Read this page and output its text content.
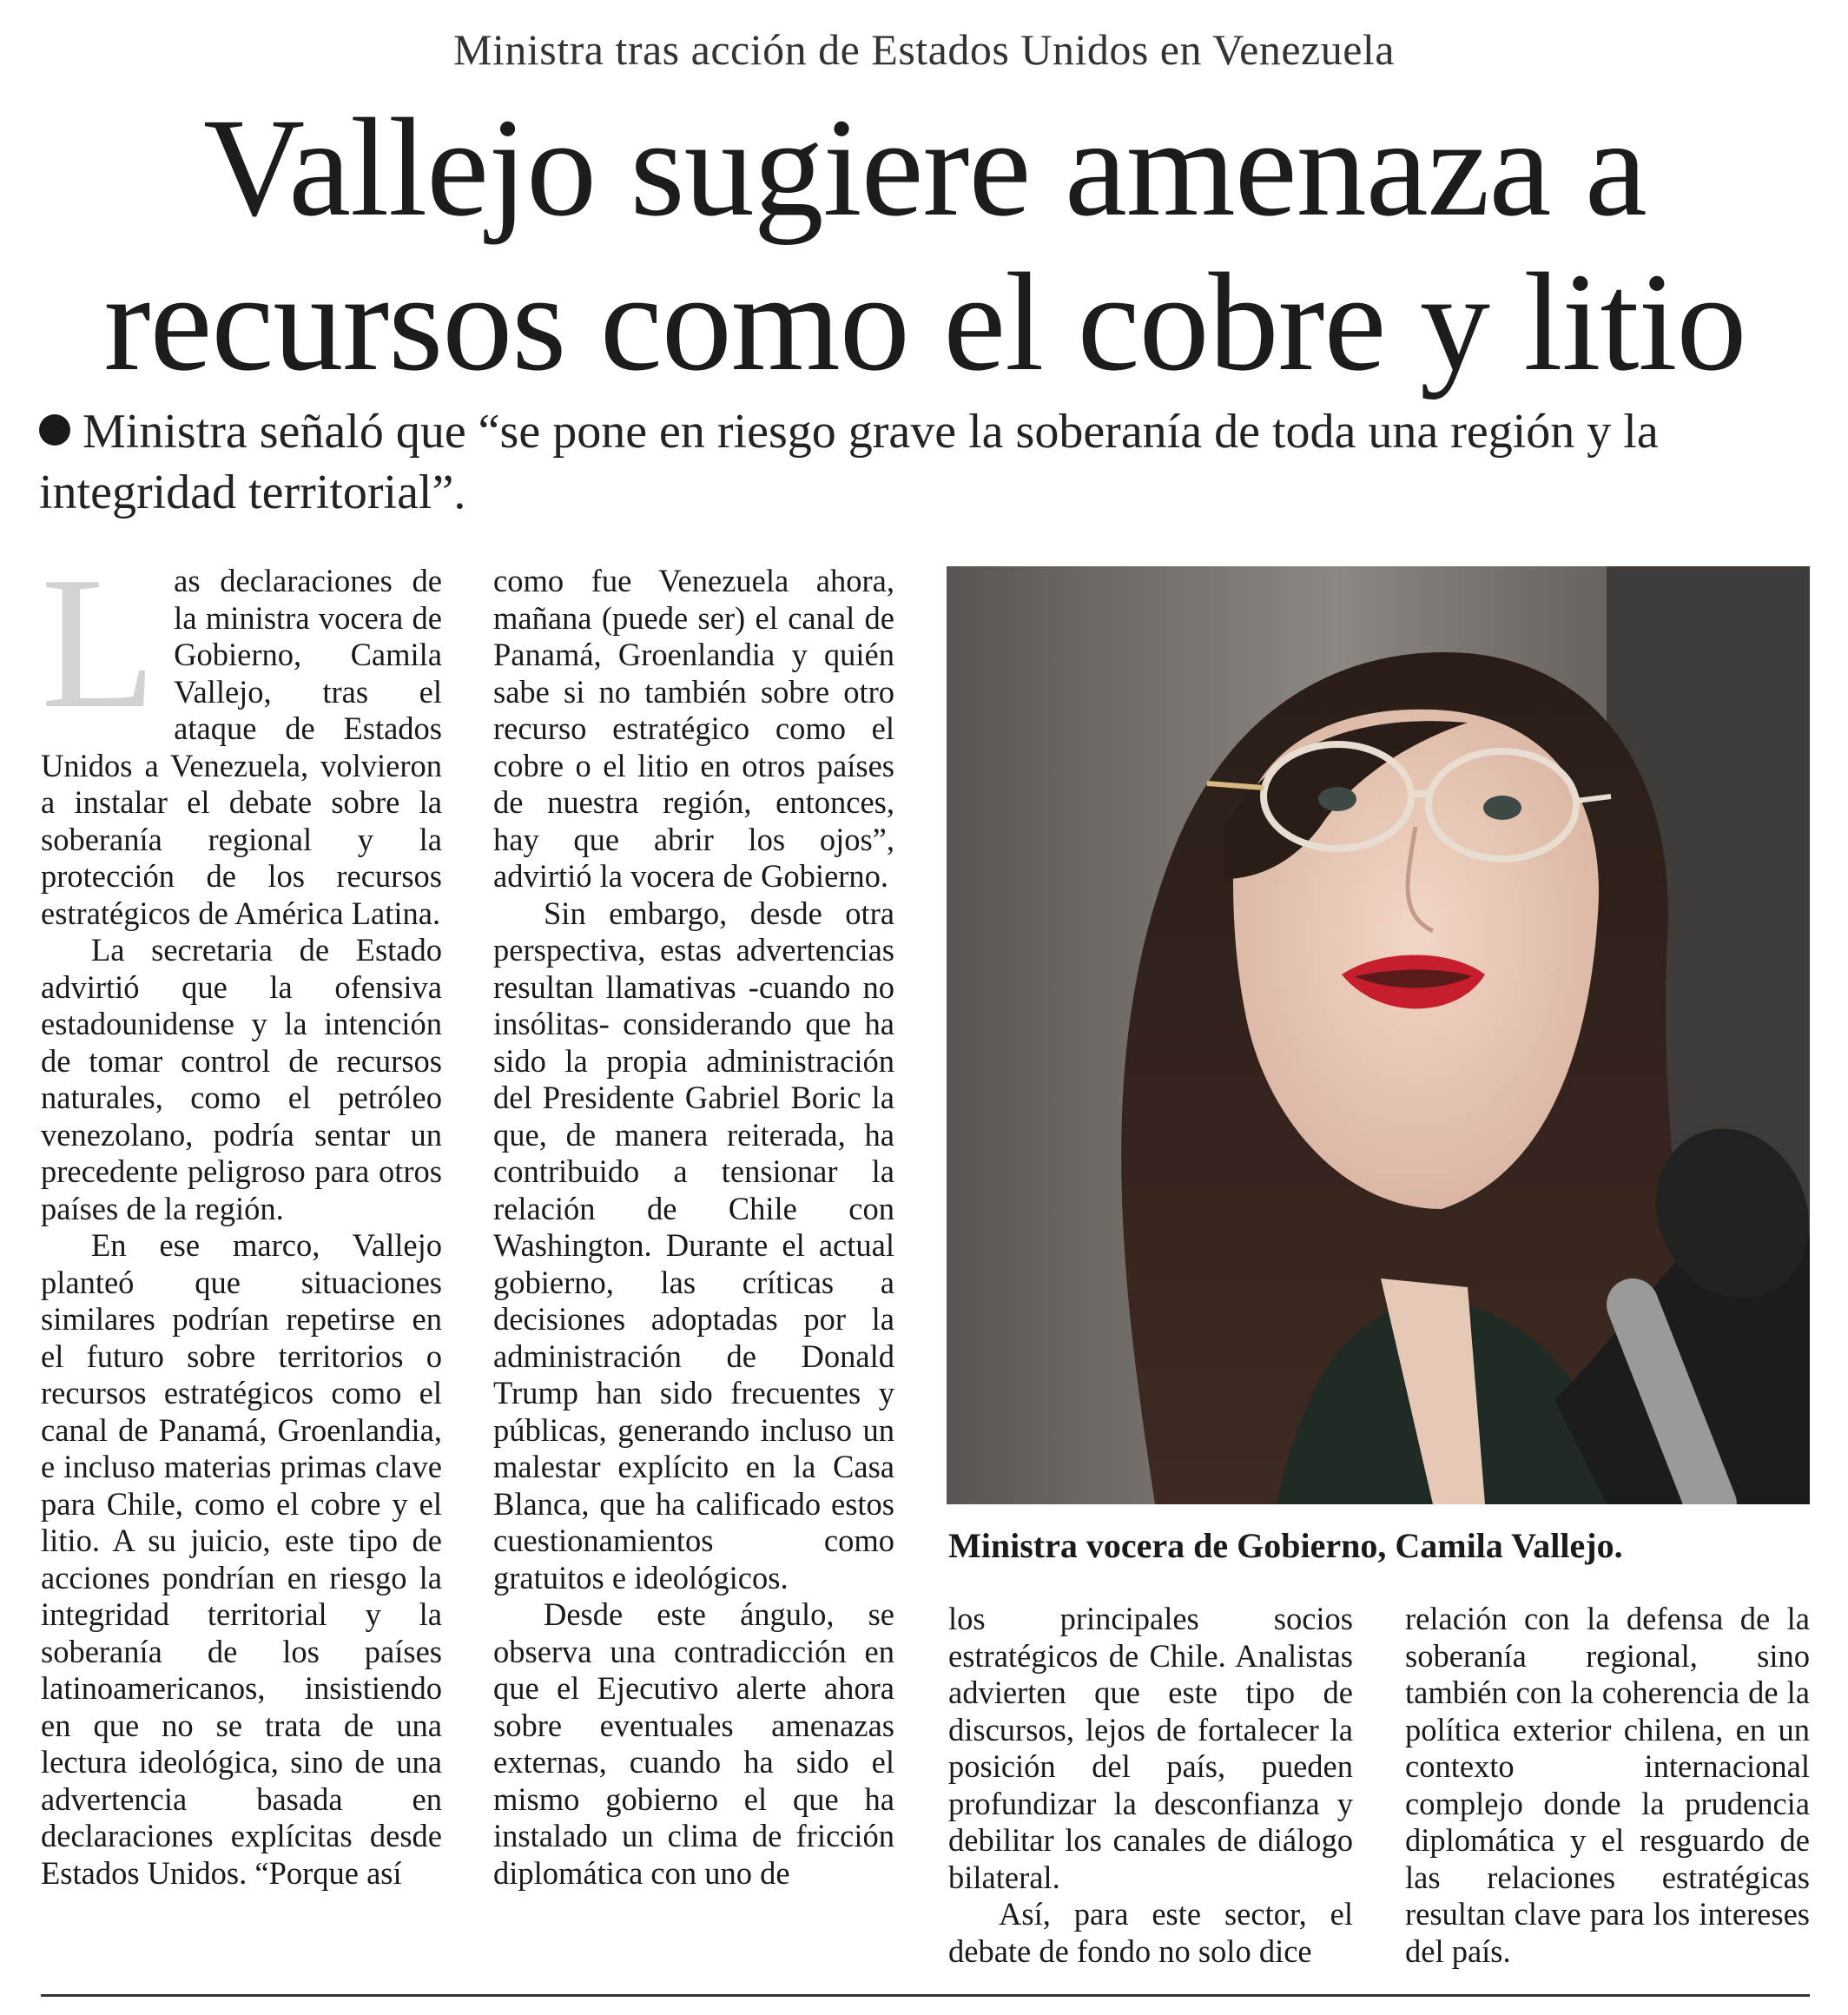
Ministra tras acción de Estados Unidos en Venezuela
Vallejo sugiere amenaza a
recursos como el cobre y litio
Ministra señaló que “se pone en riesgo grave la soberanía de toda una región y la integridad territorial”.

Las declaraciones de la ministra vocera de Gobierno, Camila Vallejo, tras el ataque de Estados Unidos a Venezuela, volvieron a instalar el debate sobre la soberanía regional y la protección de los recursos estratégicos de América Latina.

La secretaria de Estado advirtió que la ofensiva estadounidense y la intención de tomar control de recursos naturales, como el petróleo venezolano, podría sentar un precedente peligroso para otros países de la región.

En ese marco, Vallejo planteó que situaciones similares podrían repetirse en el futuro sobre territorios o recursos estratégicos como el canal de Panamá, Groenlandia, e incluso materias primas clave para Chile, como el cobre y el litio. A su juicio, este tipo de acciones pondrían en riesgo la integridad territorial y la soberanía de los países latinoamericanos, insistiendo en que no se trata de una lectura ideológica, sino de una advertencia basada en declaraciones explícitas desde Estados Unidos. “Porque así

como fue Venezuela ahora, mañana (puede ser) el canal de Panamá, Groenlandia y quién sabe si no también sobre otro recurso estratégico como el cobre o el litio en otros países de nuestra región, entonces, hay que abrir los ojos”, advirtió la vocera de Gobierno.

Sin embargo, desde otra perspectiva, estas advertencias resultan llamativas -cuando no insólitas- considerando que ha sido la propia administración del Presidente Gabriel Boric la que, de manera reiterada, ha contribuido a tensionar la relación de Chile con Washington. Durante el actual gobierno, las críticas a decisiones adoptadas por la administración de Donald Trump han sido frecuentes y públicas, generando incluso un malestar explícito en la Casa Blanca, que ha calificado estos cuestionamientos como gratuitos e ideológicos.

Desde este ángulo, se observa una contradicción en que el Ejecutivo alerte ahora sobre eventuales amenazas externas, cuando ha sido el mismo gobierno el que ha instalado un clima de fricción diplomática con uno de

Ministra vocera de Gobierno, Camila Vallejo.

los principales socios estratégicos de Chile. Analistas advierten que este tipo de discursos, lejos de fortalecer la posición del país, pueden profundizar la desconfianza y debilitar los canales de diálogo bilateral.

Así, para este sector, el debate de fondo no solo dice

relación con la defensa de la soberanía regional, sino también con la coherencia de la política exterior chilena, en un contexto internacional complejo donde la prudencia diplomática y el resguardo de las relaciones estratégicas resultan clave para los intereses del país.
